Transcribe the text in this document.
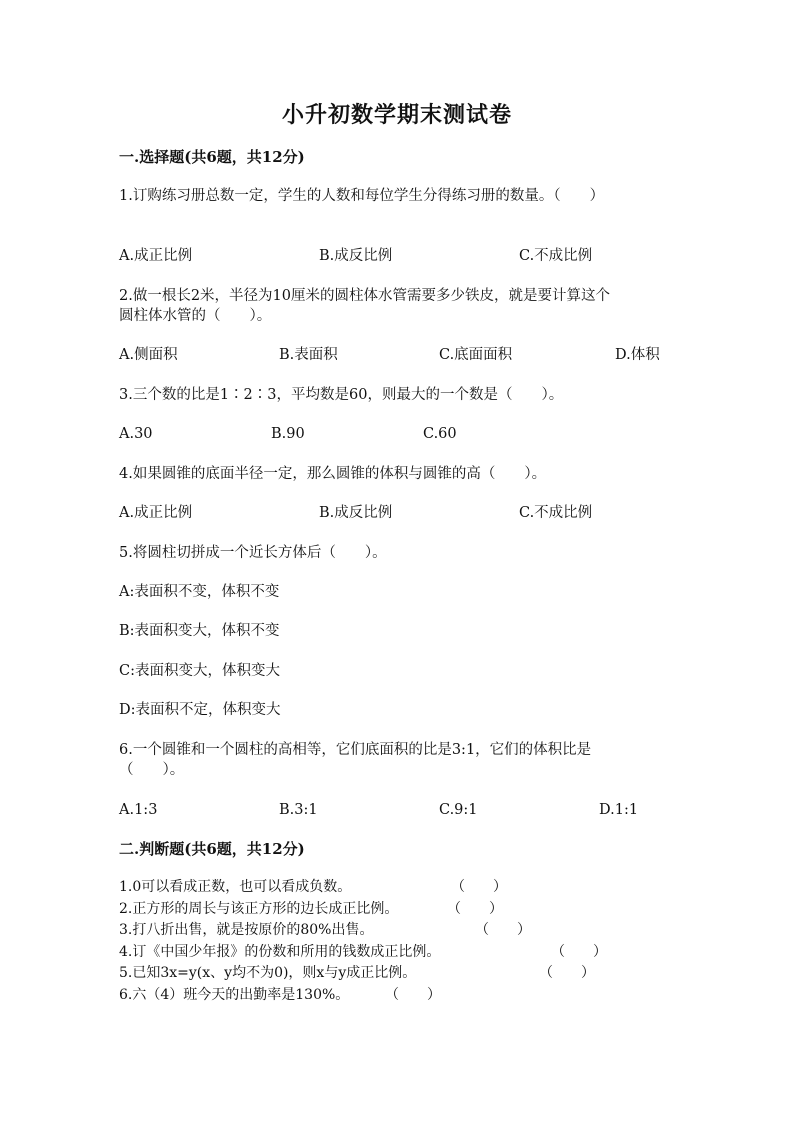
小升初数学期末测试卷
一.选择题(共6题，共12分)
1.订购练习册总数一定，学生的人数和每位学生分得练习册的数量。（　　）
A.成正比例	B.成反比例	C.不成比例
2.做一根长2米，半径为10厘米的圆柱体水管需要多少铁皮，就是要计算这个
圆柱体水管的（　　）。
A.侧面积	B.表面积	C.底面面积	D.体积
3.三个数的比是1∶2∶3，平均数是60，则最大的一个数是（　　）。
A.30	B.90	C.60
4.如果圆锥的底面半径一定，那么圆锥的体积与圆锥的高（　　）。
A.成正比例	B.成反比例	C.不成比例
5.将圆柱切拼成一个近长方体后（　　）。
A:表面积不变，体积不变
B:表面积变大，体积不变
C:表面积变大，体积变大
D:表面积不定，体积变大
6.一个圆锥和一个圆柱的高相等，它们底面积的比是3:1，它们的体积比是
（　　）。
A.1:3	B.3:1	C.9:1	D.1:1
二.判断题(共6题，共12分)
1.0可以看成正数，也可以看成负数。	（　　）
2.正方形的周长与该正方形的边长成正比例。	（　　）
3.打八折出售，就是按原价的80%出售。	（　　）
4.订《中国少年报》的份数和所用的钱数成正比例。	（　　）
5.已知3x=y(x、y均不为0)，则x与y成正比例。	（　　）
6.六（4）班今天的出勤率是130%。	（　　）
